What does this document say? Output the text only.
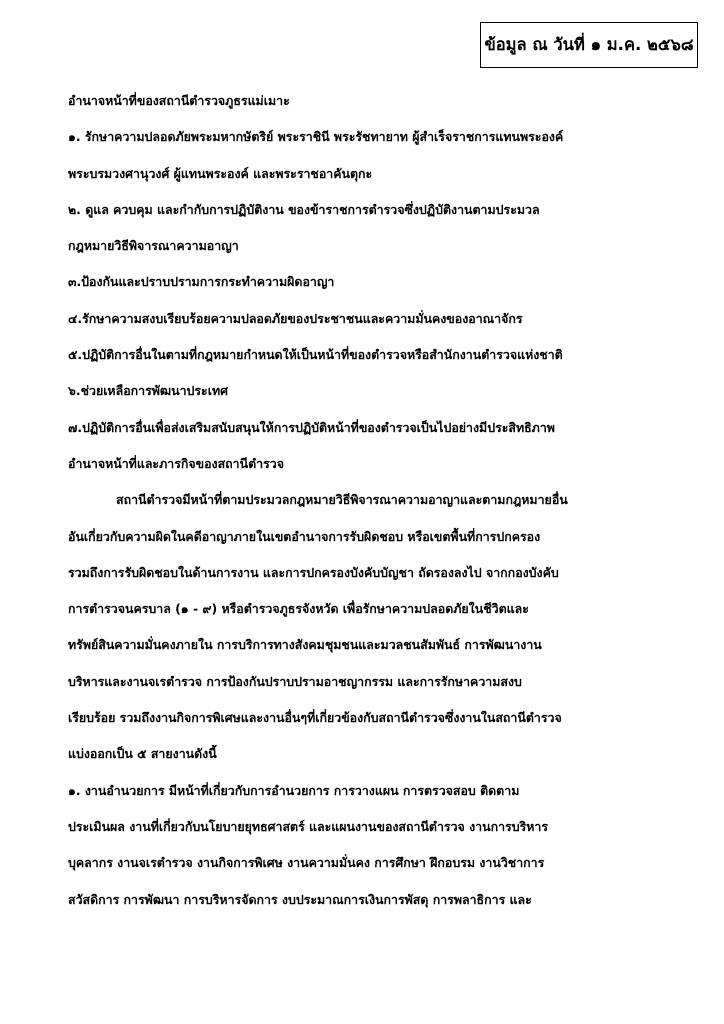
ข้อมูล ณ วันที่ ๑ ม.ค. ๒๕๖๘
อำนาจหน้าที่ของสถานีตำรวจภูธรแม่เมาะ
๑. รักษาความปลอดภัยพระมหากษัตริย์ พระราชินี พระรัชทายาท ผู้สำเร็จราชการแทนพระองค์
พระบรมวงศานุวงศ์ ผู้แทนพระองค์ และพระราชอาคันตุกะ
๒. ดูแล ควบคุม และกำกับการปฏิบัติงาน ของข้าราชการตำรวจซึ่งปฏิบัติงานตามประมวล
กฎหมายวิธีพิจารณาความอาญา
๓.ป้องกันและปราบปรามการกระทำความผิดอาญา
๔.รักษาความสงบเรียบร้อยความปลอดภัยของประชาชนและความมั่นคงของอาณาจักร
๕.ปฏิบัติการอื่นในตามที่กฎหมายกำหนดให้เป็นหน้าที่ของตำรวจหรือสำนักงานตำรวจแห่งชาติ
๖.ช่วยเหลือการพัฒนาประเทศ
๗.ปฏิบัติการอื่นเพื่อส่งเสริมสนับสนุนให้การปฏิบัติหน้าที่ของตำรวจเป็นไปอย่างมีประสิทธิภาพ
อำนาจหน้าที่และภารกิจของสถานีตำรวจ
สถานีตำรวจมีหน้าที่ตามประมวลกฎหมายวิธีพิจารณาความอาญาและตามกฎหมายอื่น
อันเกี่ยวกับความผิดในคดีอาญาภายในเขตอำนาจการรับผิดชอบ หรือเขตพื้นที่การปกครอง
รวมถึงการรับผิดชอบในด้านการงาน และการปกครองบังคับบัญชา ถัดรองลงไป จากกองบังคับ
การตำรวจนครบาล (๑ - ๙) หรือตำรวจภูธรจังหวัด เพื่อรักษาความปลอดภัยในชีวิตและ
ทรัพย์สินความมั่นคงภายใน การบริการทางสังคมชุมชนและมวลชนสัมพันธ์ การพัฒนางาน
บริหารและงานจเรตำรวจ การป้องกันปราบปรามอาชญากรรม และการรักษาความสงบ
เรียบร้อย รวมถึงงานกิจการพิเศษและงานอื่นๆที่เกี่ยวข้องกับสถานีตำรวจซึ่งงานในสถานีตำรวจ
แบ่งออกเป็น ๕ สายงานดังนี้
๑. งานอำนวยการ มีหน้าที่เกี่ยวกับการอำนวยการ การวางแผน การตรวจสอบ ติดตาม
ประเมินผล งานที่เกี่ยวกับนโยบายยุทธศาสตร์ และแผนงานของสถานีตำรวจ งานการบริหาร
บุคลากร งานจเรตำรวจ งานกิจการพิเศษ งานความมั่นคง การศึกษา ฝึกอบรม งานวิชาการ
สวัสดิการ การพัฒนา การบริหารจัดการ งบประมาณการเงินการพัสดุ การพลาธิการ และ
